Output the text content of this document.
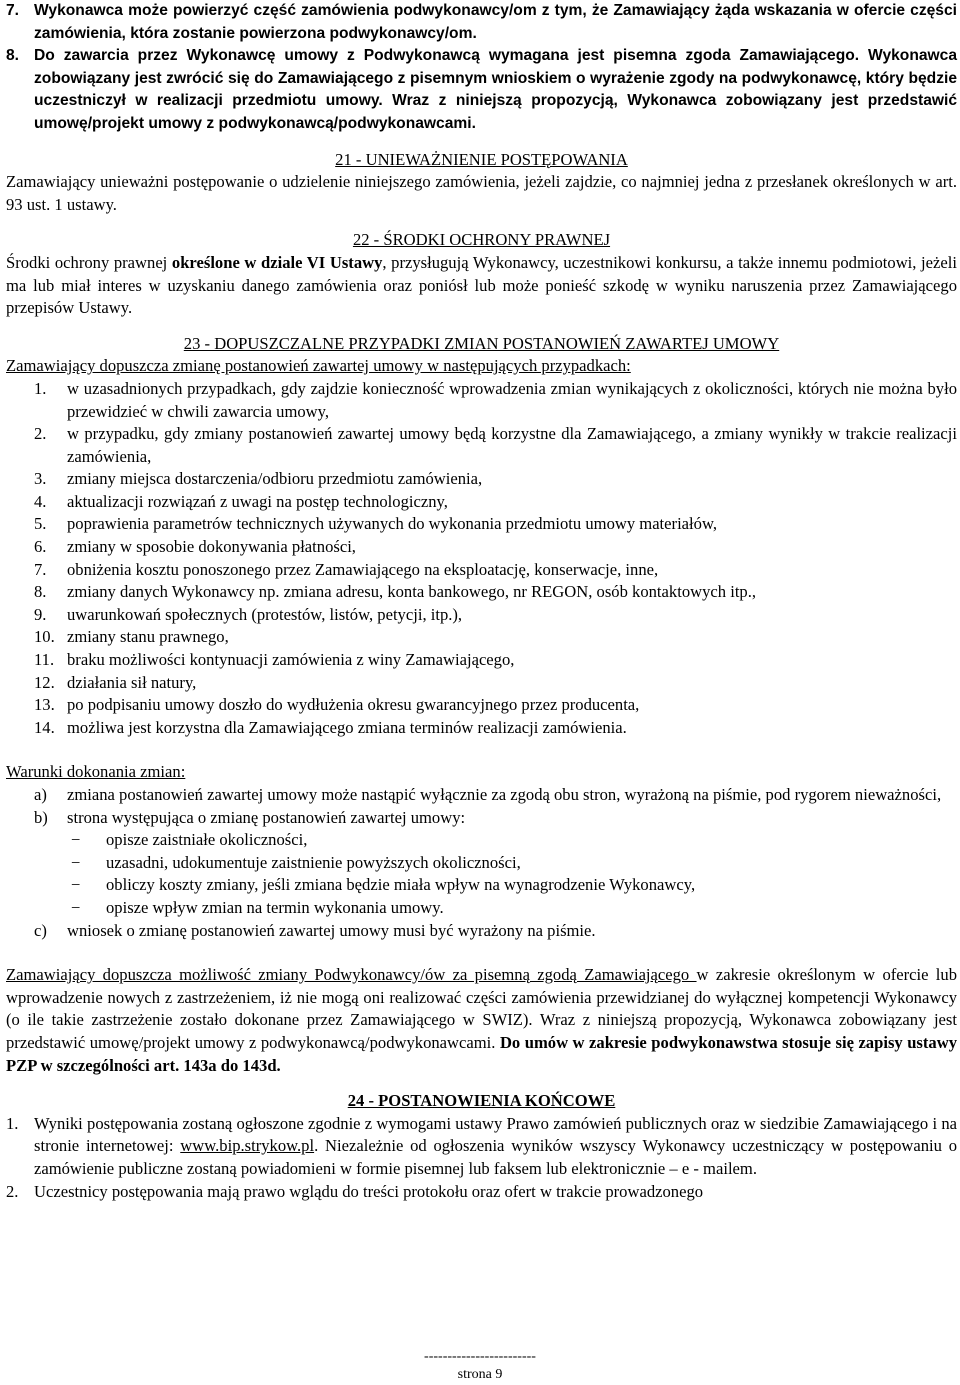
7. Wykonawca może powierzyć część zamówienia podwykonawcy/om z tym, że Zamawiający żąda wskazania w ofercie części zamówienia, która zostanie powierzona podwykonawcy/om.
8. Do zawarcia przez Wykonawcę umowy z Podwykonawcą wymagana jest pisemna zgoda Zamawiającego. Wykonawca zobowiązany jest zwrócić się do Zamawiającego z pisemnym wnioskiem o wyrażenie zgody na podwykonawcę, który będzie uczestniczył w realizacji przedmiotu umowy. Wraz z niniejszą propozycją, Wykonawca zobowiązany jest przedstawić umowę/projekt umowy z podwykonawcą/podwykonawcami.
21 - UNIEWAŻNIENIE POSTĘPOWANIA

Zamawiający unieważni postępowanie o udzielenie niniejszego zamówienia, jeżeli zajdzie, co najmniej jedna z przesłanek określonych w art. 93 ust. 1 ustawy.

22 - ŚRODKI OCHRONY PRAWNEJ

Środki ochrony prawnej określone w dziale VI Ustawy, przysługują Wykonawcy, uczestnikowi konkursu, a także innemu podmiotowi, jeżeli ma lub miał interes w uzyskaniu danego zamówienia oraz poniósł lub może ponieść szkodę w wyniku naruszenia przez Zamawiającego przepisów Ustawy.

23 - DOPUSZCZALNE PRZYPADKI ZMIAN POSTANOWIEŃ ZAWARTEJ UMOWY

Zamawiający dopuszcza zmianę postanowień zawartej umowy w następujących przypadkach:

1.	w uzasadnionych przypadkach, gdy zajdzie konieczność wprowadzenia zmian wynikających z okoliczności, których nie można było przewidzieć w chwili zawarcia umowy,
2.	w przypadku, gdy zmiany postanowień zawartej umowy będą korzystne dla Zamawiającego, a zmiany wynikły w trakcie realizacji zamówienia,
3.	zmiany miejsca dostarczenia/odbioru przedmiotu zamówienia,
4.	aktualizacji rozwiązań z uwagi na postęp technologiczny,
5.	poprawienia parametrów technicznych używanych do wykonania przedmiotu umowy materiałów,
6.	zmiany w sposobie dokonywania płatności,
7.	obniżenia kosztu ponoszonego przez Zamawiającego na eksploatację, konserwacje, inne,
8.	zmiany danych Wykonawcy np. zmiana adresu, konta bankowego, nr REGON, osób kontaktowych itp.,
9.	uwarunkowań społecznych (protestów, listów, petycji, itp.),
10. zmiany stanu prawnego,
11. braku możliwości kontynuacji zamówienia z winy Zamawiającego,
12. działania sił natury,
13. po podpisaniu umowy doszło do wydłużenia okresu gwarancyjnego przez producenta,
14. możliwa jest korzystna dla Zamawiającego zmiana terminów realizacji zamówienia.

Warunki dokonania zmian:

a)	zmiana postanowień zawartej umowy może nastąpić wyłącznie za zgodą obu stron, wyrażoną na piśmie, pod rygorem nieważności,
b)	strona występująca o zmianę postanowień zawartej umowy:
−	opisze zaistniałe okoliczności,
−	uzasadni, udokumentuje zaistnienie powyższych okoliczności,
−	obliczy koszty zmiany, jeśli zmiana będzie miała wpływ na wynagrodzenie Wykonawcy,
−	opisze wpływ zmian na termin wykonania umowy.
c)	wniosek o zmianę postanowień zawartej umowy musi być wyrażony na piśmie.

Zamawiający dopuszcza możliwość zmiany Podwykonawcy/ów za pisemną zgodą Zamawiającego w zakresie określonym w ofercie lub wprowadzenie nowych z zastrzeżeniem, iż nie mogą oni realizować części zamówienia przewidzianej do wyłącznej kompetencji Wykonawcy (o ile takie zastrzeżenie zostało dokonane przez Zamawiającego w SWIZ). Wraz z niniejszą propozycją, Wykonawca zobowiązany jest przedstawić umowę/projekt umowy z podwykonawcą/podwykonawcami. Do umów w zakresie podwykonawstwa stosuje się zapisy ustawy PZP w szczególności art. 143a do 143d.

24 - POSTANOWIENIA KOŃCOWE
1. Wyniki postępowania zostaną ogłoszone zgodnie z wymogami ustawy Prawo zamówień publicznych oraz w siedzibie Zamawiającego i na stronie internetowej: www.bip.strykow.pl. Niezależnie od ogłoszenia wyników wszyscy Wykonawcy uczestniczący w postępowaniu o zamówienie publiczne zostaną powiadomieni w formie pisemnej lub faksem lub elektronicznie – e - mailem.
2. Uczestnicy postępowania mają prawo wglądu do treści protokołu oraz ofert w trakcie prowadzonego
------------------------
strona 9
